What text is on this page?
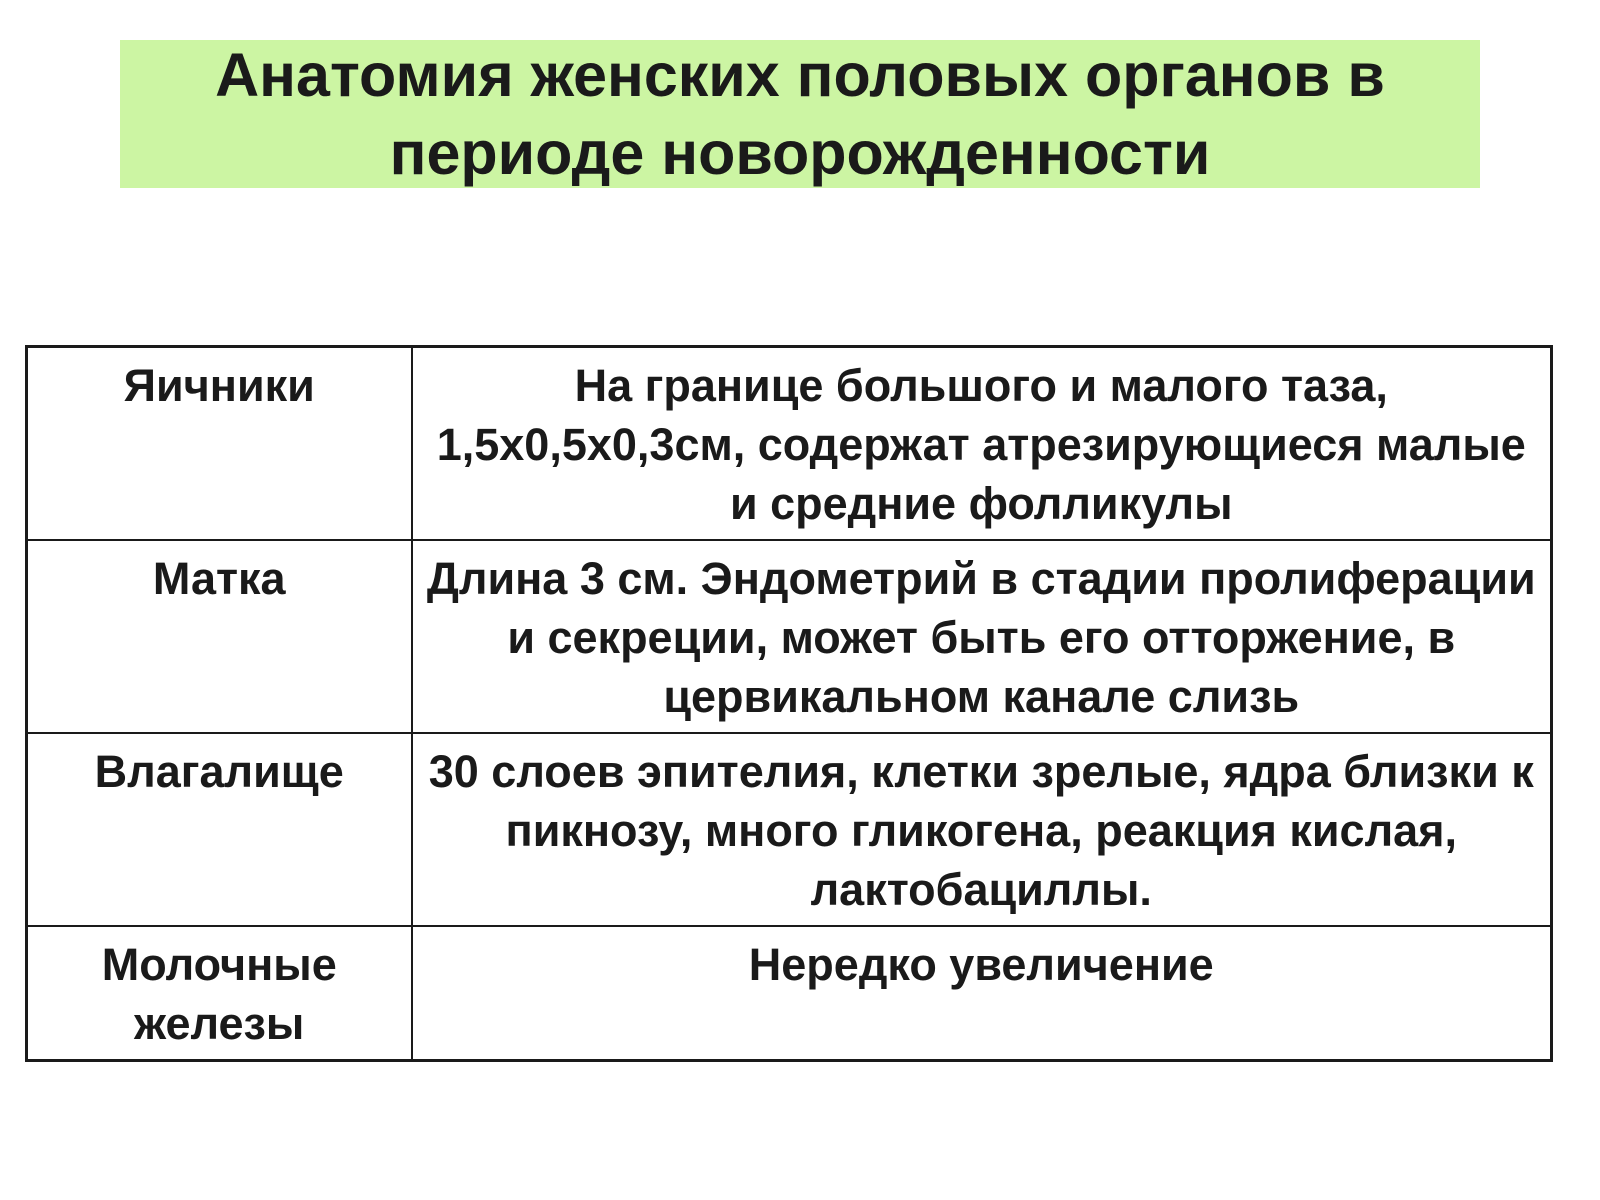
Анатомия женских половых органов в
периоде новорожденности
Яичники	На границе большого и малого таза, 1,5х0,5х0,3см, содержат атрезирующиеся малые и средние фолликулы
Матка	Длина 3 см. Эндометрий в стадии пролиферации и секреции, может быть его отторжение, в цервикальном канале слизь
Влагалище	30 слоев эпителия, клетки зрелые, ядра близки к пикнозу, много гликогена, реакция кислая, лактобациллы.
Молочные железы	Нередко увеличение
